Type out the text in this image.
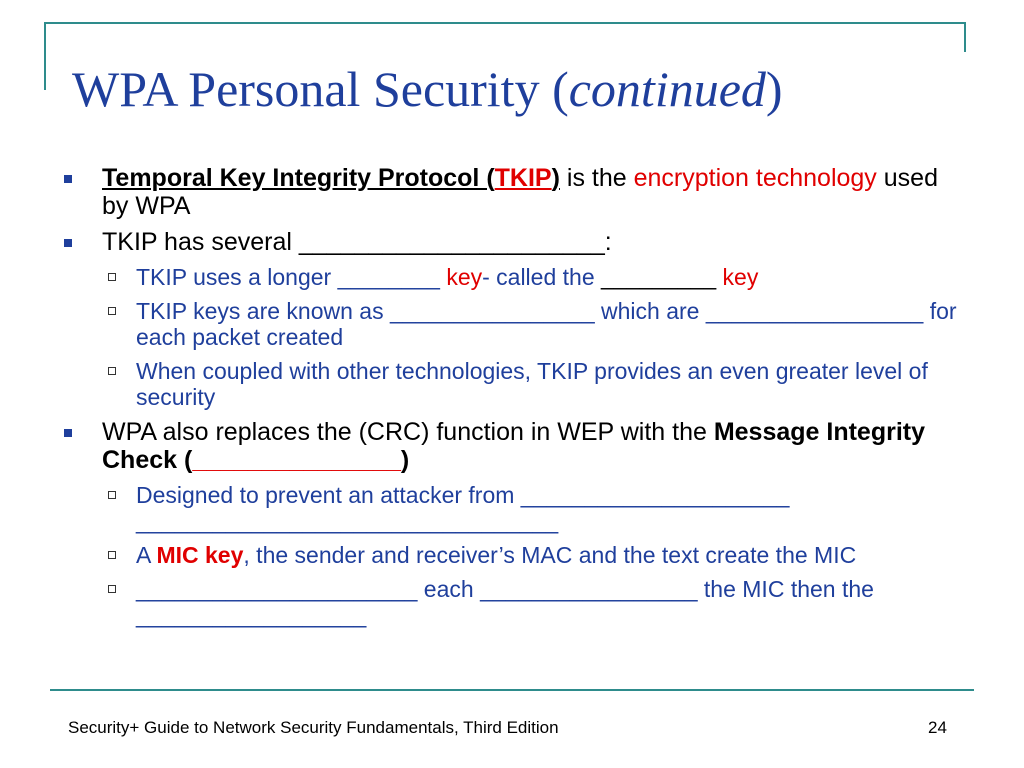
WPA Personal Security (continued)
Temporal Key Integrity Protocol (TKIP) is the encryption technology used by WPA
TKIP has several ______________________:
TKIP uses a longer ________ key- called the _________ key
TKIP keys are known as ________________ which are _________________ for each packet created
When coupled with other technologies, TKIP provides an even greater level of security
WPA also replaces the (CRC) function in WEP with the Message Integrity Check (_______________)
Designed to prevent an attacker from _____________________ _________________________________
A MIC key, the sender and receiver’s MAC and the text create the MIC
______________________ each _________________ the MIC then the __________________
Security+ Guide to Network Security Fundamentals, Third Edition	24
